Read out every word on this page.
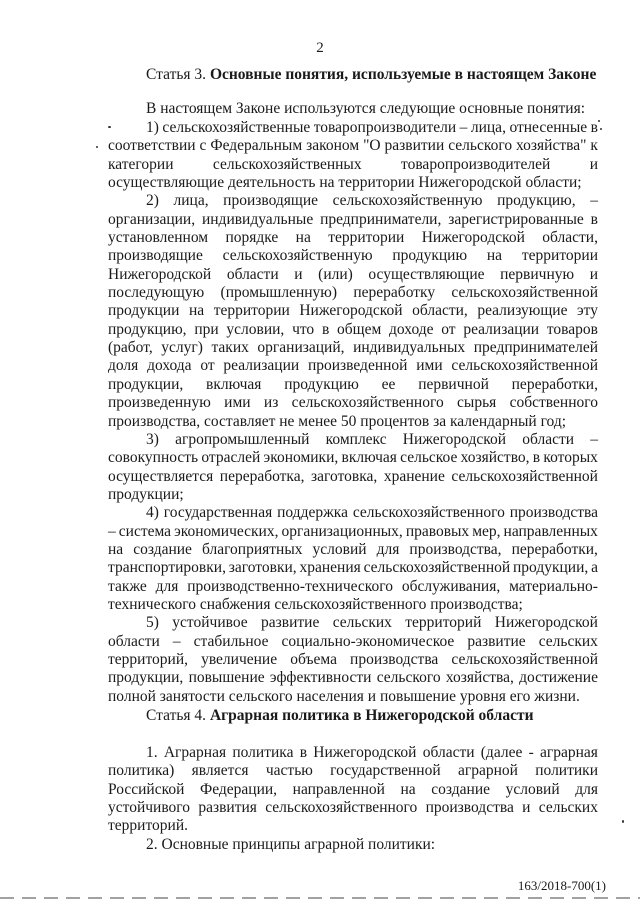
2
Статья 3. Основные понятия, используемые в настоящем Законе
В настоящем Законе используются следующие основные понятия:
1) сельскохозяйственные товаропроизводители – лица, отнесенные в
соответствии с Федеральным законом "О развитии сельского хозяйства" к
категории	сельскохозяйственных	товаропроизводителей	и
осуществляющие деятельность на территории Нижегородской области;
2) лица, производящие сельскохозяйственную продукцию, –
организации, индивидуальные предприниматели, зарегистрированные в
установленном порядке на территории Нижегородской области,
производящие сельскохозяйственную продукцию на территории
Нижегородской области и (или) осуществляющие первичную и
последующую (промышленную) переработку сельскохозяйственной
продукции на территории Нижегородской области, реализующие эту
продукцию, при условии, что в общем доходе от реализации товаров
(работ, услуг) таких организаций, индивидуальных предпринимателей
доля дохода от реализации произведенной ими сельскохозяйственной
продукции, включая продукцию ее первичной переработки,
произведенную ими из сельскохозяйственного сырья собственного
производства, составляет не менее 50 процентов за календарный год;
3) агропромышленный комплекс Нижегородской области –
совокупность отраслей экономики, включая сельское хозяйство, в которых
осуществляется переработка, заготовка, хранение сельскохозяйственной
продукции;
4) государственная поддержка сельскохозяйственного производства
– система экономических, организационных, правовых мер, направленных
на создание благоприятных условий для производства, переработки,
транспортировки, заготовки, хранения сельскохозяйственной продукции, а
также для производственно-технического обслуживания, материально-
технического снабжения сельскохозяйственного производства;
5) устойчивое развитие сельских территорий Нижегородской
области – стабильное социально-экономическое развитие сельских
территорий, увеличение объема производства сельскохозяйственной
продукции, повышение эффективности сельского хозяйства, достижение
полной занятости сельского населения и повышение уровня его жизни.
Статья 4. Аграрная политика в Нижегородской области
1. Аграрная политика в Нижегородской области (далее - аграрная
политика) является частью государственной аграрной политики
Российской Федерации, направленной на создание условий для
устойчивого развития сельскохозяйственного производства и сельских
территорий.
2. Основные принципы аграрной политики:
163/2018-700(1)
